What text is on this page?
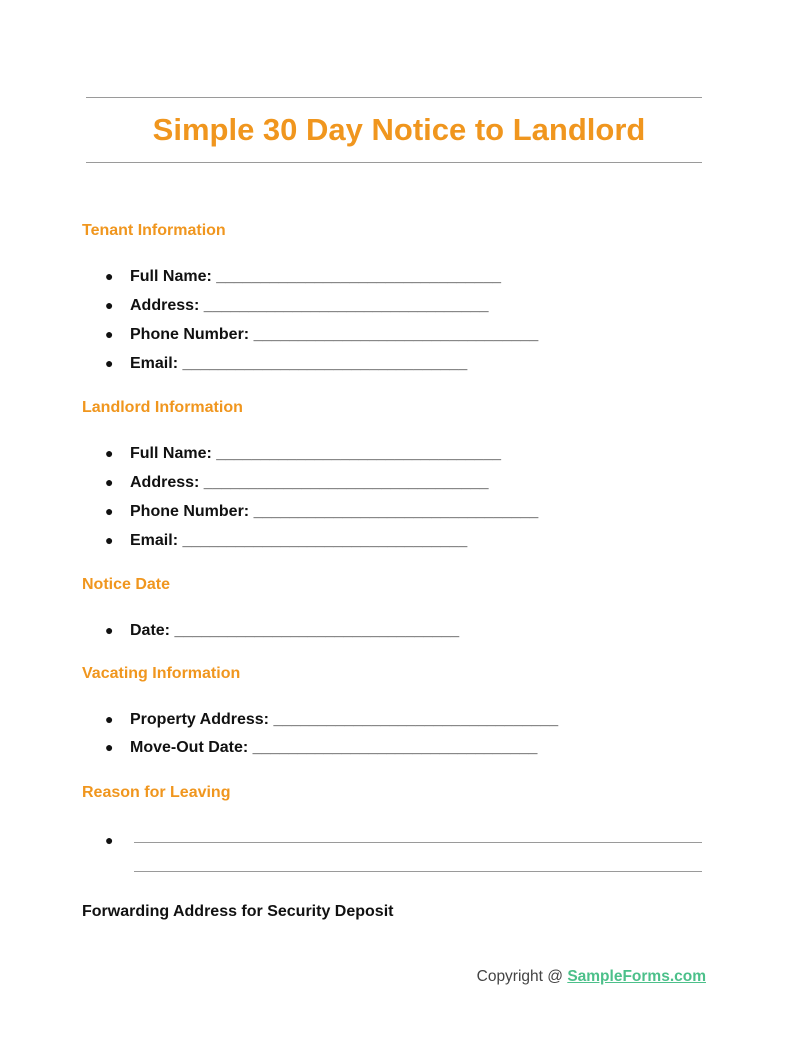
Simple 30 Day Notice to Landlord
Tenant Information
● Full Name: ________________________________
● Address: ________________________________
● Phone Number: ________________________________
● Email: ________________________________
Landlord Information
● Full Name: ________________________________
● Address: ________________________________
● Phone Number: ________________________________
● Email: ________________________________
Notice Date
● Date: ________________________________
Vacating Information
● Property Address: ________________________________
● Move-Out Date: ________________________________
Reason for Leaving
●
Forwarding Address for Security Deposit
Copyright @ SampleForms.com
